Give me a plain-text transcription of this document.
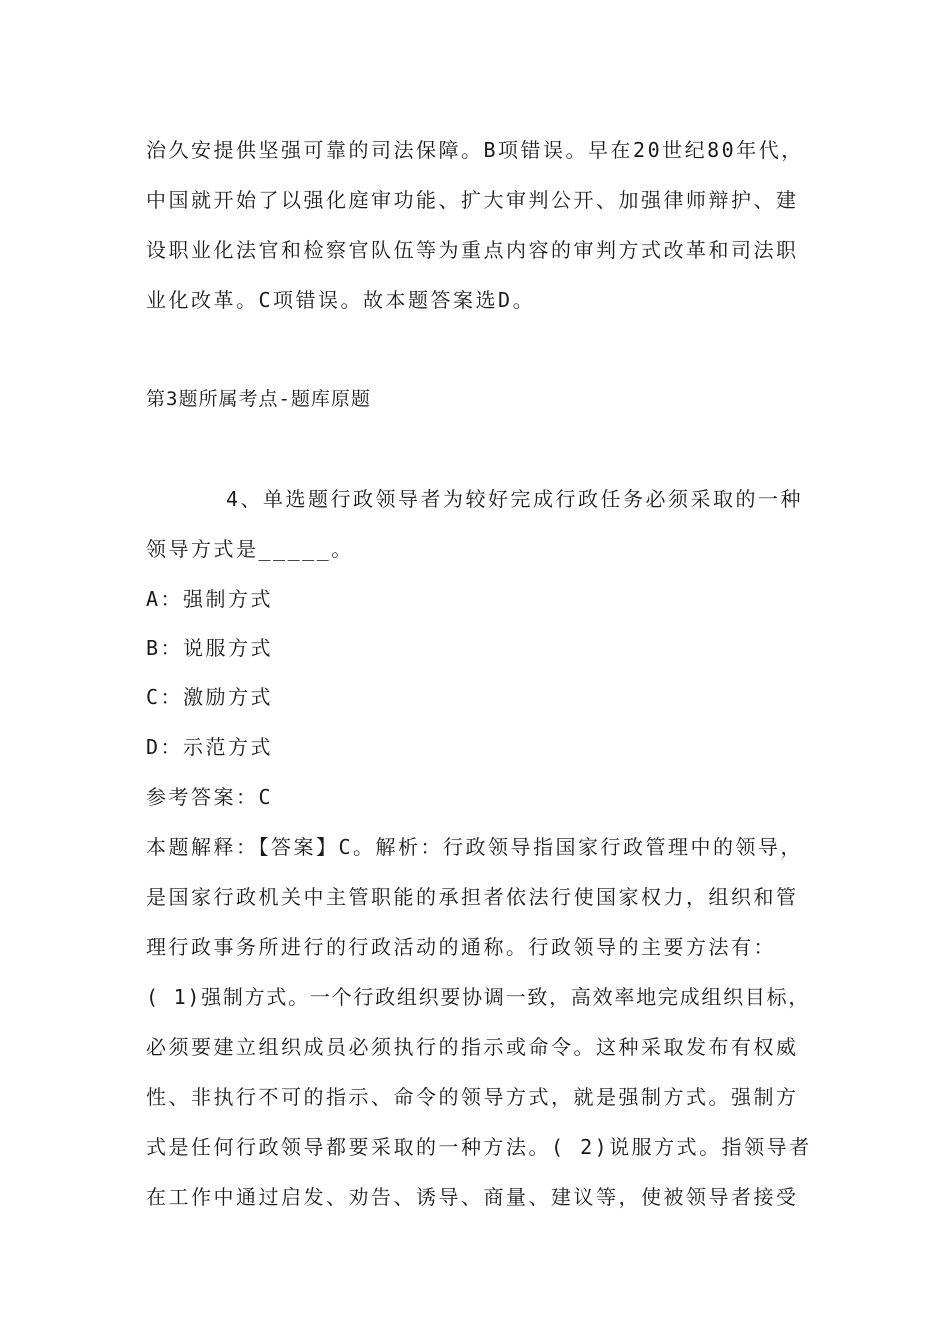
治久安提供坚强可靠的司法保障。B项错误。早在20世纪80年代，
中国就开始了以强化庭审功能、扩大审判公开、加强律师辩护、建
设职业化法官和检察官队伍等为重点内容的审判方式改革和司法职
业化改革。C项错误。故本题答案选D。
第3题所属考点-题库原题
4、单选题行政领导者为较好完成行政任务必须采取的一种
领导方式是_____。
A：强制方式
B：说服方式
C：激励方式
D：示范方式
参考答案：C
本题解释：【答案】C。解析：行政领导指国家行政管理中的领导，
是国家行政机关中主管职能的承担者依法行使国家权力，组织和管
理行政事务所进行的行政活动的通称。行政领导的主要方法有：
( 1)强制方式。一个行政组织要协调一致，高效率地完成组织目标，
必须要建立组织成员必须执行的指示或命令。这种采取发布有权威
性、非执行不可的指示、命令的领导方式，就是强制方式。强制方
式是任何行政领导都要采取的一种方法。( 2)说服方式。指领导者
在工作中通过启发、劝告、诱导、商量、建议等，使被领导者接受
